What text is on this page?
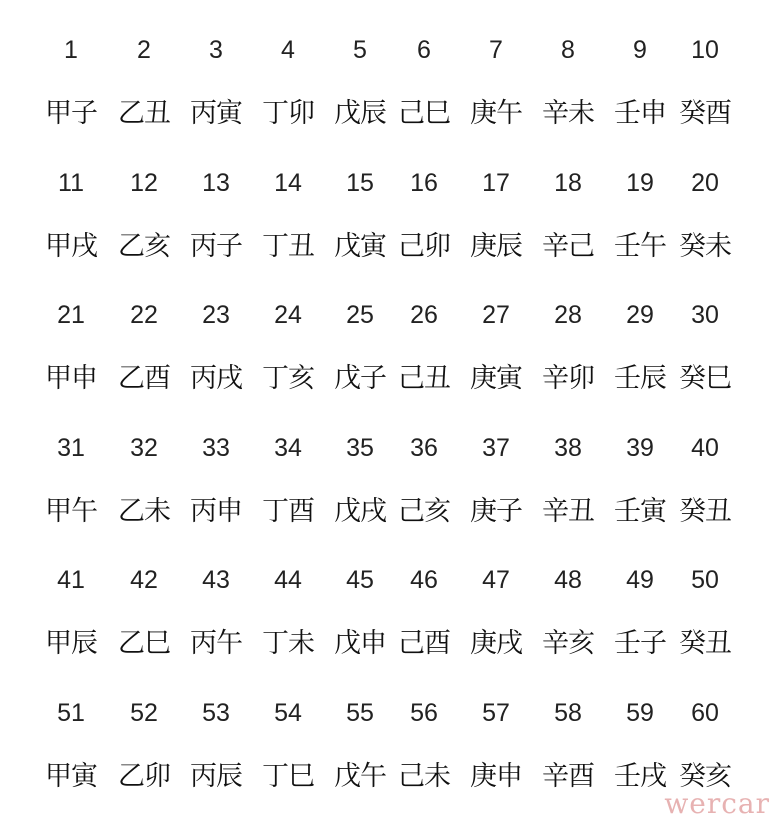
1
甲子
2
乙丑
3
丙寅
4
丁卯
5
戊辰
6
己巳
7
庚午
8
辛未
9
壬申
10
癸酉
11
甲戌
12
乙亥
13
丙子
14
丁丑
15
戊寅
16
己卯
17
庚辰
18
辛己
19
壬午
20
癸未
21
甲申
22
乙酉
23
丙戌
24
丁亥
25
戊子
26
己丑
27
庚寅
28
辛卯
29
壬辰
30
癸巳
31
甲午
32
乙未
33
丙申
34
丁酉
35
戊戌
36
己亥
37
庚子
38
辛丑
39
壬寅
40
癸丑
41
甲辰
42
乙巳
43
丙午
44
丁未
45
戊申
46
己酉
47
庚戌
48
辛亥
49
壬子
50
癸丑
51
甲寅
52
乙卯
53
丙辰
54
丁巳
55
戊午
56
己未
57
庚申
58
辛酉
59
壬戌
60
癸亥
wercar
